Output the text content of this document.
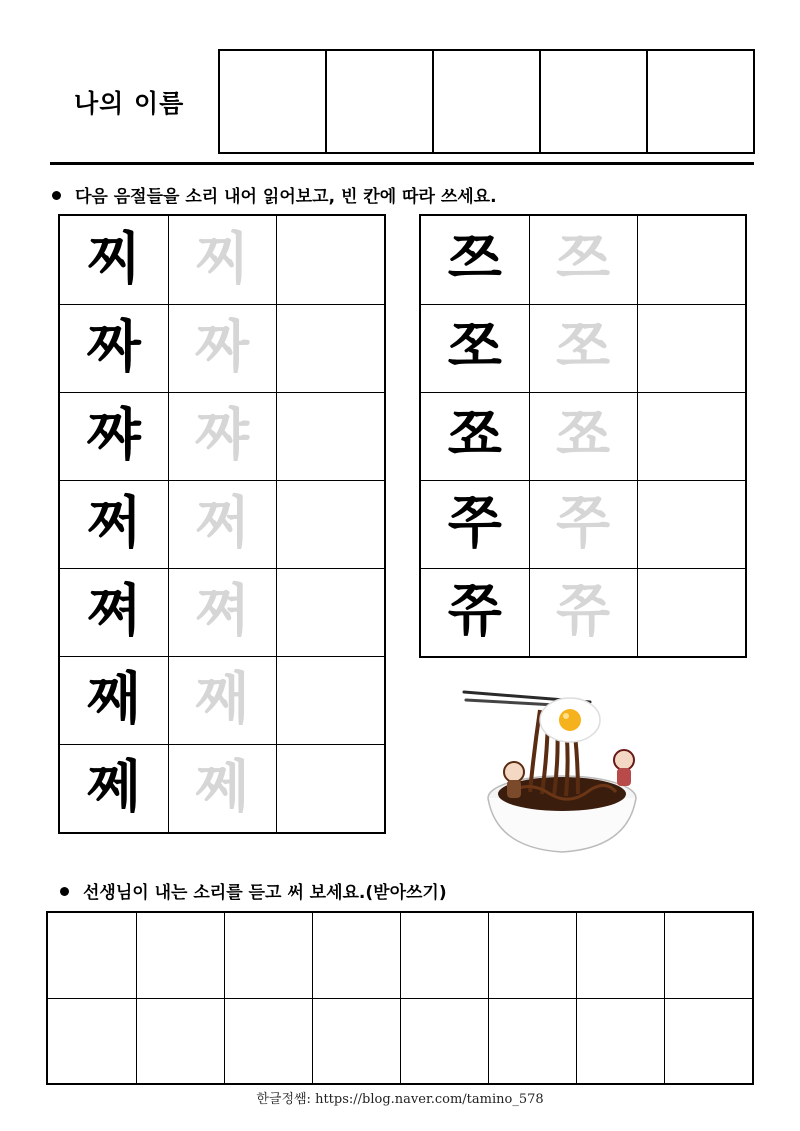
나의 이름
다음 음절들을 소리 내어 읽어보고, 빈 칸에 따라 쓰세요.
찌	찌	
짜	짜	
쨔	쨔	
쩌	쩌	
쪄	쪄	
째	째	
쩨	쩨	
쯔	쯔	
쪼	쪼	
쬬	쬬	
쭈	쭈	
쮸	쮸	
선생님이 내는 소리를 듣고 써 보세요.(받아쓰기)

한글정쌤: https://blog.naver.com/tamino_578
